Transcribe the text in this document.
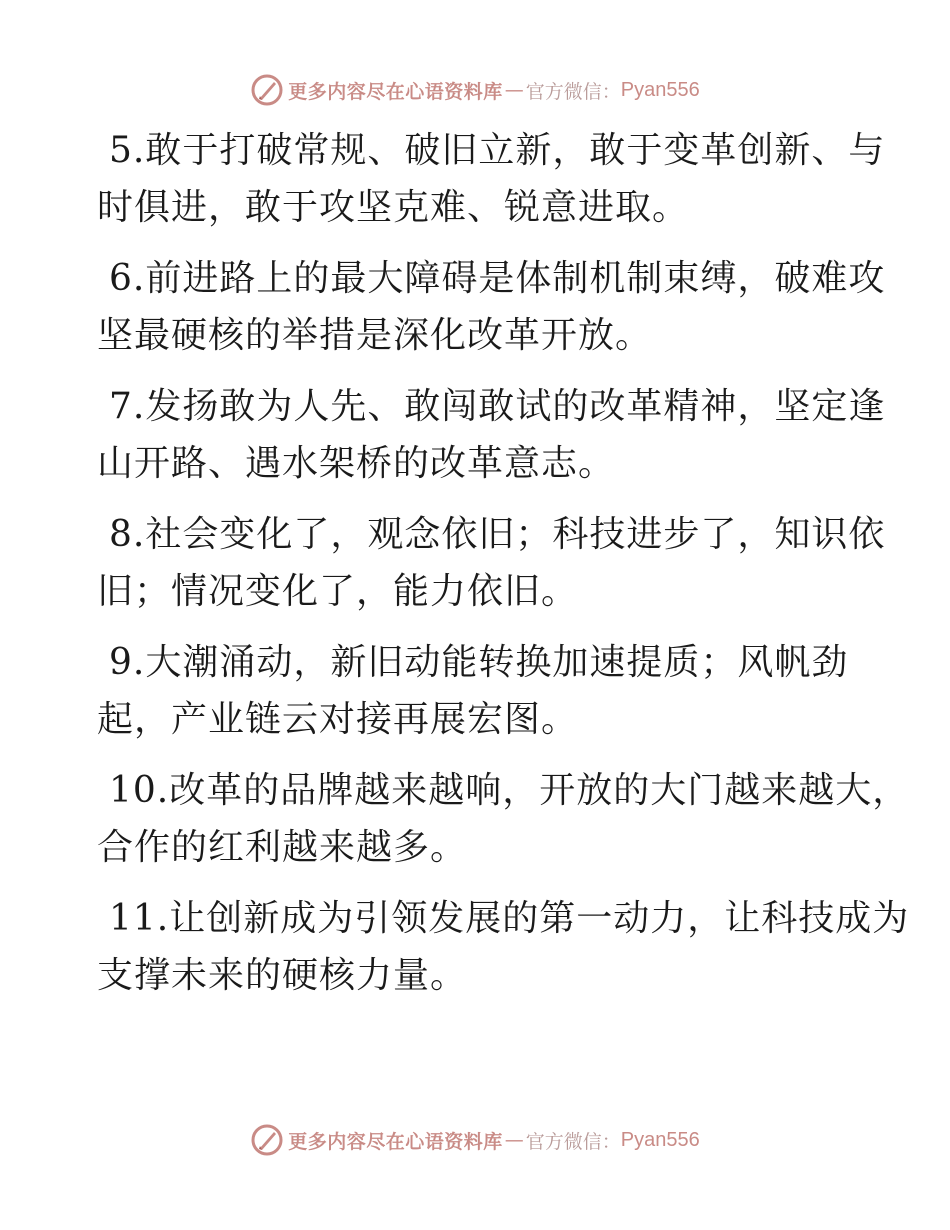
更多内容尽在心语资料库 — 官方微信： Pyan556
5.敢于打破常规、破旧立新，敢于变革创新、与
时俱进，敢于攻坚克难、锐意进取。
6.前进路上的最大障碍是体制机制束缚，破难攻
坚最硬核的举措是深化改革开放。
7.发扬敢为人先、敢闯敢试的改革精神，坚定逢
山开路、遇水架桥的改革意志。
8.社会变化了，观念依旧；科技进步了，知识依
旧；情况变化了，能力依旧。
9.大潮涌动，新旧动能转换加速提质；风帆劲
起，产业链云对接再展宏图。
10.改革的品牌越来越响，开放的大门越来越大，
合作的红利越来越多。
11.让创新成为引领发展的第一动力，让科技成为
支撑未来的硬核力量。
更多内容尽在心语资料库 — 官方微信： Pyan556
